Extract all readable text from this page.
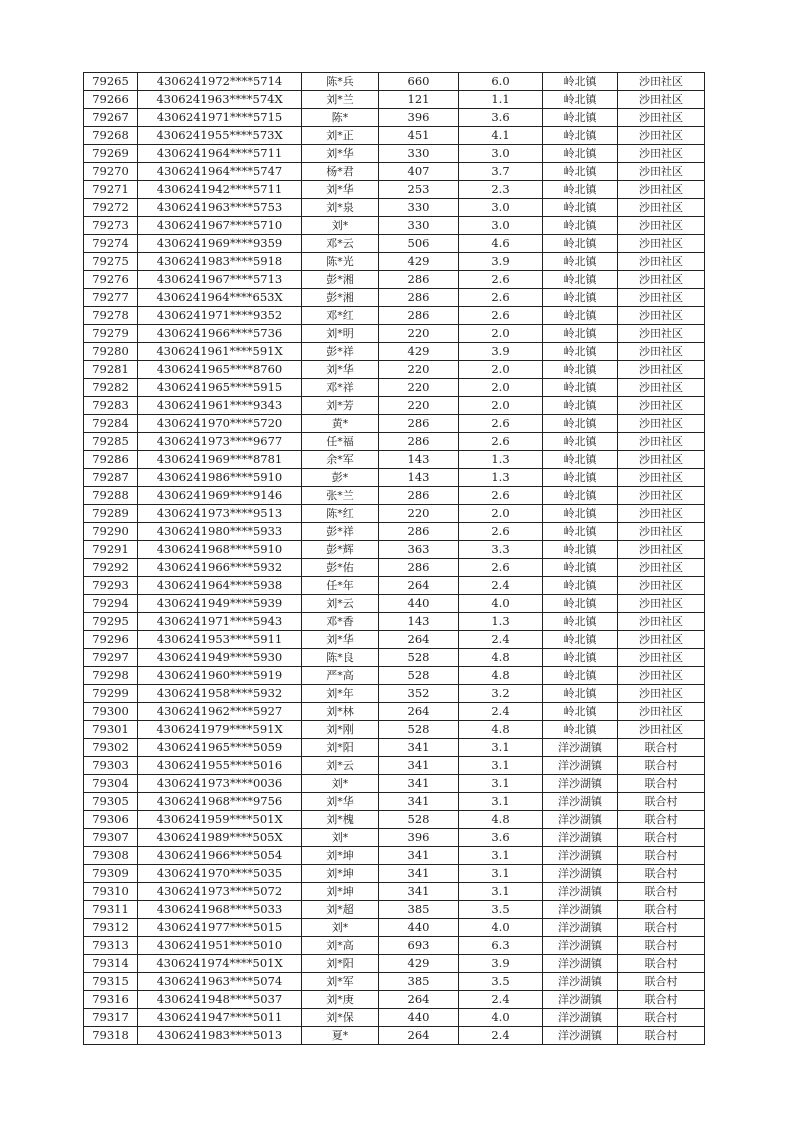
79265	4306241972****5714	陈*兵	660	6.0	岭北镇	沙田社区
79266	4306241963****574X	刘*兰	121	1.1	岭北镇	沙田社区
79267	4306241971****5715	陈*	396	3.6	岭北镇	沙田社区
79268	4306241955****573X	刘*正	451	4.1	岭北镇	沙田社区
79269	4306241964****5711	刘*华	330	3.0	岭北镇	沙田社区
79270	4306241964****5747	杨*君	407	3.7	岭北镇	沙田社区
79271	4306241942****5711	刘*华	253	2.3	岭北镇	沙田社区
79272	4306241963****5753	刘*泉	330	3.0	岭北镇	沙田社区
79273	4306241967****5710	刘*	330	3.0	岭北镇	沙田社区
79274	4306241969****9359	邓*云	506	4.6	岭北镇	沙田社区
79275	4306241983****5918	陈*光	429	3.9	岭北镇	沙田社区
79276	4306241967****5713	彭*湘	286	2.6	岭北镇	沙田社区
79277	4306241964****653X	彭*湘	286	2.6	岭北镇	沙田社区
79278	4306241971****9352	邓*红	286	2.6	岭北镇	沙田社区
79279	4306241966****5736	刘*明	220	2.0	岭北镇	沙田社区
79280	4306241961****591X	彭*祥	429	3.9	岭北镇	沙田社区
79281	4306241965****8760	刘*华	220	2.0	岭北镇	沙田社区
79282	4306241965****5915	邓*祥	220	2.0	岭北镇	沙田社区
79283	4306241961****9343	刘*芳	220	2.0	岭北镇	沙田社区
79284	4306241970****5720	黄*	286	2.6	岭北镇	沙田社区
79285	4306241973****9677	任*福	286	2.6	岭北镇	沙田社区
79286	4306241969****8781	余*军	143	1.3	岭北镇	沙田社区
79287	4306241986****5910	彭*	143	1.3	岭北镇	沙田社区
79288	4306241969****9146	张*兰	286	2.6	岭北镇	沙田社区
79289	4306241973****9513	陈*红	220	2.0	岭北镇	沙田社区
79290	4306241980****5933	彭*祥	286	2.6	岭北镇	沙田社区
79291	4306241968****5910	彭*辉	363	3.3	岭北镇	沙田社区
79292	4306241966****5932	彭*佑	286	2.6	岭北镇	沙田社区
79293	4306241964****5938	任*年	264	2.4	岭北镇	沙田社区
79294	4306241949****5939	刘*云	440	4.0	岭北镇	沙田社区
79295	4306241971****5943	邓*香	143	1.3	岭北镇	沙田社区
79296	4306241953****5911	刘*华	264	2.4	岭北镇	沙田社区
79297	4306241949****5930	陈*良	528	4.8	岭北镇	沙田社区
79298	4306241960****5919	严*高	528	4.8	岭北镇	沙田社区
79299	4306241958****5932	刘*年	352	3.2	岭北镇	沙田社区
79300	4306241962****5927	刘*林	264	2.4	岭北镇	沙田社区
79301	4306241979****591X	刘*刚	528	4.8	岭北镇	沙田社区
79302	4306241965****5059	刘*阳	341	3.1	洋沙湖镇	联合村
79303	4306241955****5016	刘*云	341	3.1	洋沙湖镇	联合村
79304	4306241973****0036	刘*	341	3.1	洋沙湖镇	联合村
79305	4306241968****9756	刘*华	341	3.1	洋沙湖镇	联合村
79306	4306241959****501X	刘*槐	528	4.8	洋沙湖镇	联合村
79307	4306241989****505X	刘*	396	3.6	洋沙湖镇	联合村
79308	4306241966****5054	刘*坤	341	3.1	洋沙湖镇	联合村
79309	4306241970****5035	刘*坤	341	3.1	洋沙湖镇	联合村
79310	4306241973****5072	刘*坤	341	3.1	洋沙湖镇	联合村
79311	4306241968****5033	刘*超	385	3.5	洋沙湖镇	联合村
79312	4306241977****5015	刘*	440	4.0	洋沙湖镇	联合村
79313	4306241951****5010	刘*高	693	6.3	洋沙湖镇	联合村
79314	4306241974****501X	刘*阳	429	3.9	洋沙湖镇	联合村
79315	4306241963****5074	刘*军	385	3.5	洋沙湖镇	联合村
79316	4306241948****5037	刘*庚	264	2.4	洋沙湖镇	联合村
79317	4306241947****5011	刘*保	440	4.0	洋沙湖镇	联合村
79318	4306241983****5013	夏*	264	2.4	洋沙湖镇	联合村
